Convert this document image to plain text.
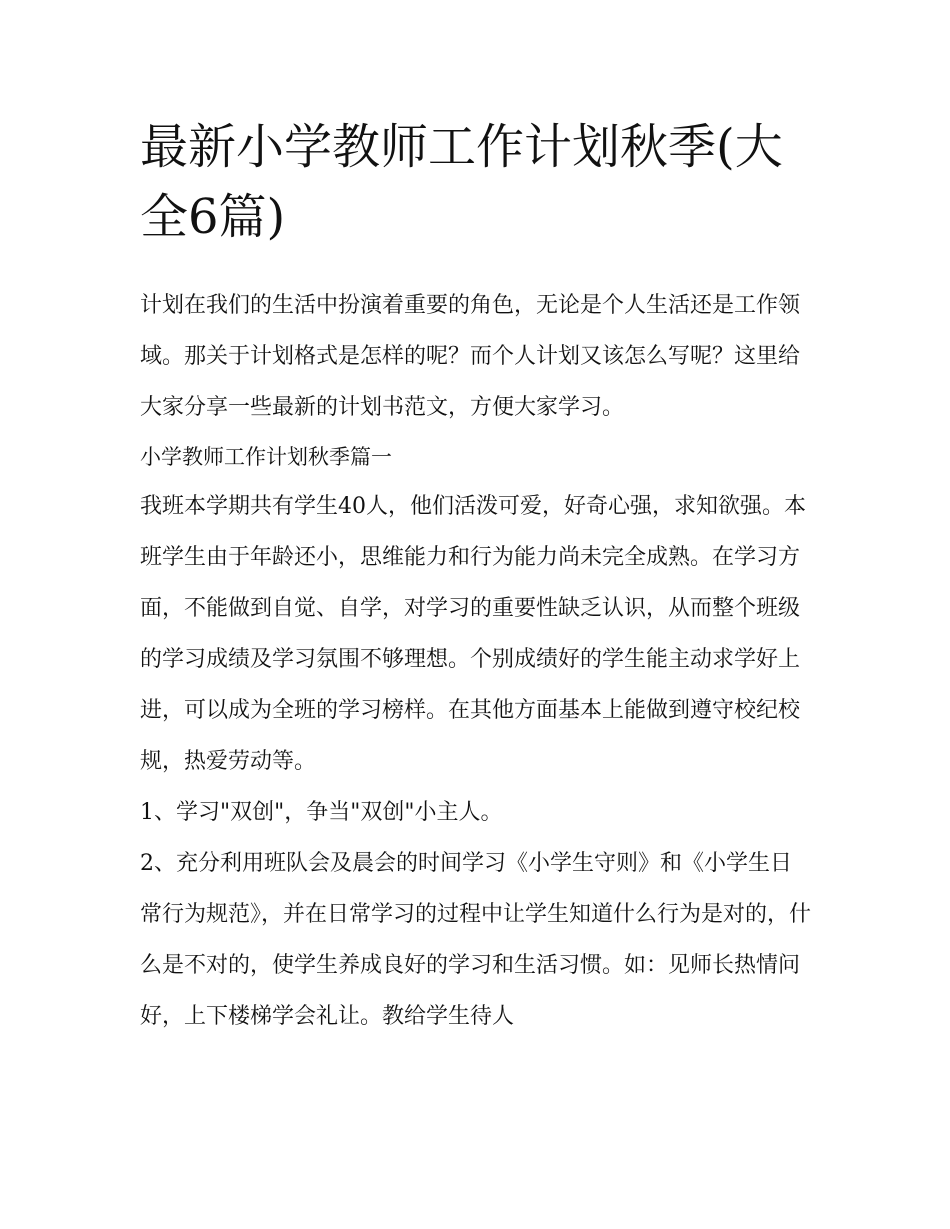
最新小学教师工作计划秋季(大全6篇)

计划在我们的生活中扮演着重要的角色，无论是个人生活还是工作领域。那关于计划格式是怎样的呢？而个人计划又该怎么写呢？这里给大家分享一些最新的计划书范文，方便大家学习。

小学教师工作计划秋季篇一

我班本学期共有学生40人，他们活泼可爱，好奇心强，求知欲强。本班学生由于年龄还小，思维能力和行为能力尚未完全成熟。在学习方面，不能做到自觉、自学，对学习的重要性缺乏认识，从而整个班级的学习成绩及学习氛围不够理想。个别成绩好的学生能主动求学好上进，可以成为全班的学习榜样。在其他方面基本上能做到遵守校纪校规，热爱劳动等。

1、学习"双创"，争当"双创"小主人。

2、充分利用班队会及晨会的时间学习《小学生守则》和《小学生日常行为规范》，并在日常学习的过程中让学生知道什么行为是对的，什么是不对的，使学生养成良好的学习和生活习惯。如：见师长热情问好，上下楼梯学会礼让。教给学生待人
